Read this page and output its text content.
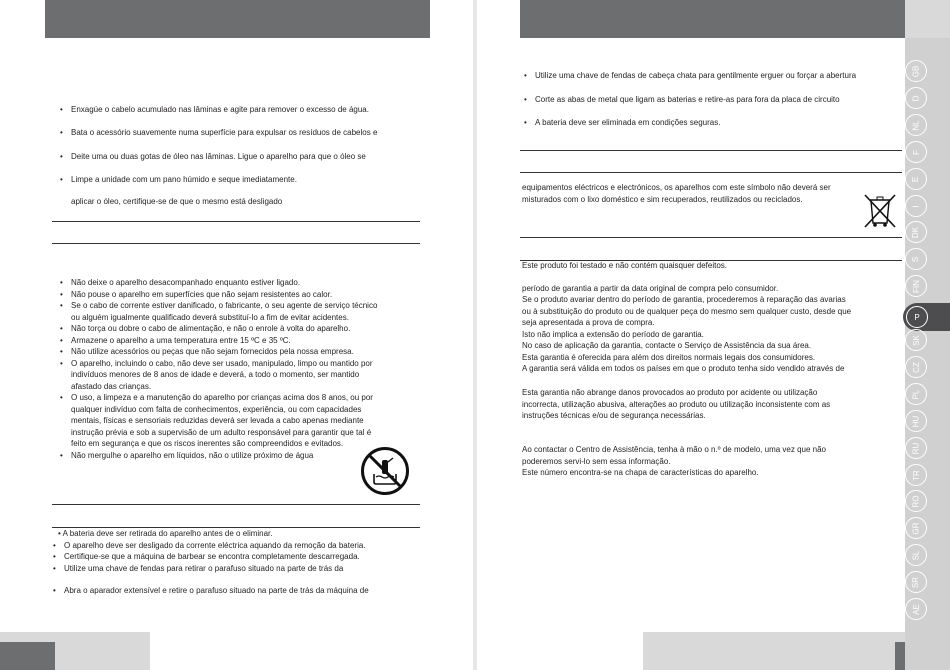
• Enxagúe o cabelo acumulado nas lâminas e agite para remover o excesso de água.
• Bata o acessório suavemente numa superfície para expulsar os resíduos de cabelos e
• Deite uma ou duas gotas de óleo nas lâminas. Ligue o aparelho para que o óleo se
• Limpe a unidade com um pano húmido e seque imediatamente.
aplicar o óleo, certifique-se de que o mesmo está desligado
• Não deixe o aparelho desacompanhado enquanto estiver ligado.
• Não pouse o aparelho em superfícies que não sejam resistentes ao calor.
• Se o cabo de corrente estiver danificado, o fabricante, o seu agente de serviço técnico
ou alguém igualmente qualificado deverá substituí-lo a fim de evitar acidentes.
• Não torça ou dobre o cabo de alimentação, e não o enrole à volta do aparelho.
• Armazene o aparelho a uma temperatura entre 15 ºC e 35 ºC.
• Não utilize acessórios ou peças que não sejam fornecidos pela nossa empresa.
• O aparelho, incluindo o cabo, não deve ser usado, manipulado, limpo ou mantido por
indivíduos menores de 8 anos de idade e deverá, a todo o momento, ser mantido
afastado das crianças.
• O uso, a limpeza e a manutenção do aparelho por crianças acima dos 8 anos, ou por
qualquer indivíduo com falta de conhecimentos, experiência, ou com capacidades
mentais, físicas e sensoriais reduzidas deverá ser levada a cabo apenas mediante
instrução prévia e sob a supervisão de um adulto responsável para garantir que tal é
feito em segurança e que os riscos inerentes são compreendidos e evitados.
• Não mergulhe o aparelho em líquidos, não o utilize próximo de água
• A bateria deve ser retirada do aparelho antes de o eliminar.
• O aparelho deve ser desligado da corrente eléctrica aquando da remoção da bateria.
• Certifique-se que a máquina de barbear se encontra completamente descarregada.
• Utilize uma chave de fendas para retirar o parafuso situado na parte de trás da
• Abra o aparador extensível e retire o parafuso situado na parte de trás da máquina de
• Utilize uma chave de fendas de cabeça chata para gentilmente erguer ou forçar a abertura
• Corte as abas de metal que ligam as baterias e retire-as para fora da placa de circuito
• A bateria deve ser eliminada em condições seguras.
equipamentos eléctricos e electrónicos, os aparelhos com este símbolo não deverá ser
misturados com o lixo doméstico e sim recuperados, reutilizados ou reciclados.
Este produto foi testado e não contém quaisquer defeitos.
período de garantia a partir da data original de compra pelo consumidor.
Se o produto avariar dentro do período de garantia, procederemos à reparação das avarias
ou à substituição do produto ou de qualquer peça do mesmo sem qualquer custo, desde que
seja apresentada a prova de compra.
Isto não implica a extensão do período de garantia.
No caso de aplicação da garantia, contacte o Serviço de Assistência da sua área.
Esta garantia é oferecida para além dos direitos normais legais dos consumidores.
A garantia será válida em todos os países em que o produto tenha sido vendido através de
Esta garantia não abrange danos provocados ao produto por acidente ou utilização
incorrecta, utilização abusiva, alterações ao produto ou utilização inconsistente com as
instruções técnicas e/ou de segurança necessárias.
Ao contactar o Centro de Assistência, tenha à mão o n.º de modelo, uma vez que não
poderemos servi-lo sem essa informação.
Este número encontra-se na chapa de características do aparelho.
GB
D
NL
F
E
I
DK
S
FIN
P
SK
CZ
PL
HU
RU
TR
RO
GR
SL
SR
AE
